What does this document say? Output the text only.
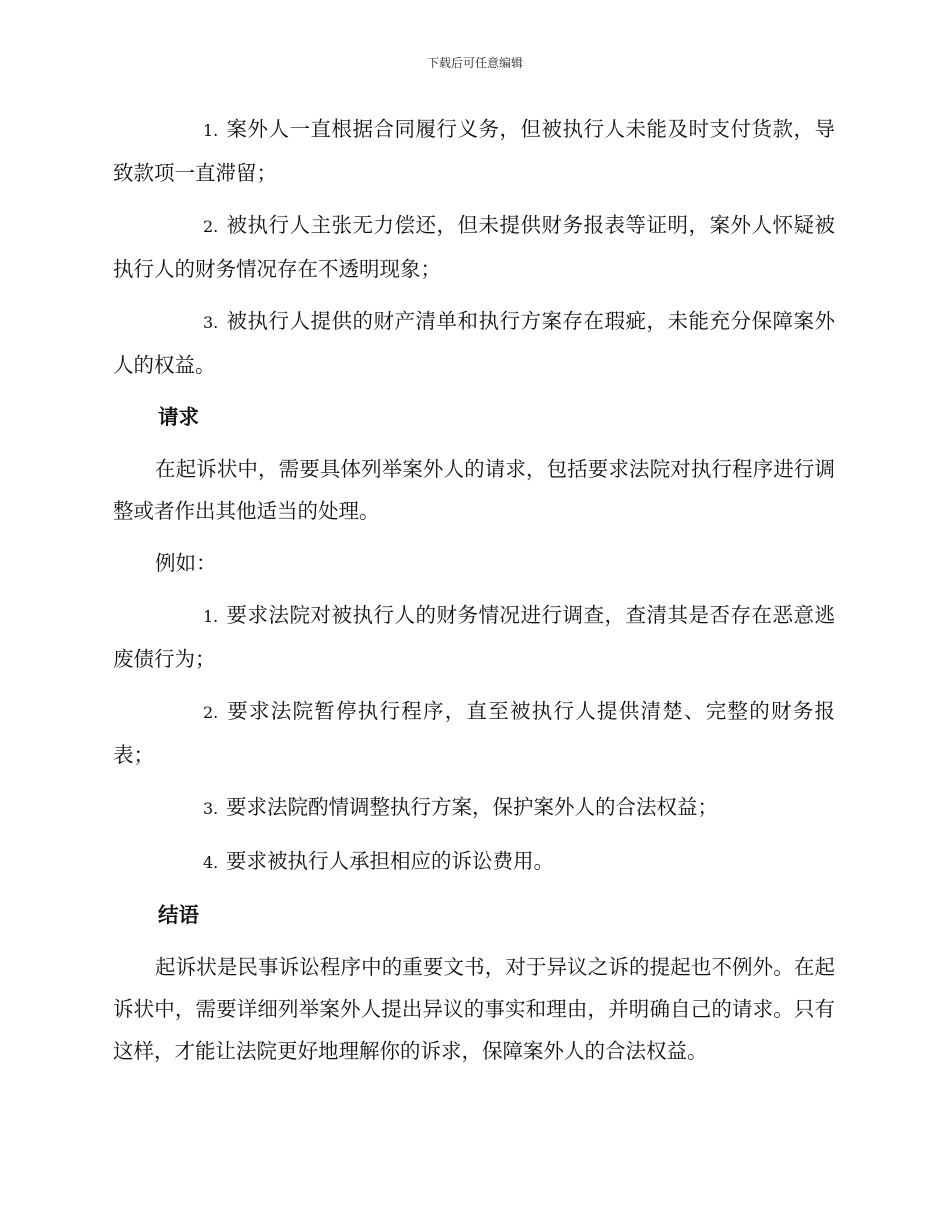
下载后可任意编辑

1. 案外人一直根据合同履行义务，但被执行人未能及时支付货款，导致款项一直滞留；

2. 被执行人主张无力偿还，但未提供财务报表等证明，案外人怀疑被执行人的财务情况存在不透明现象；

3. 被执行人提供的财产清单和执行方案存在瑕疵，未能充分保障案外人的权益。

请求

在起诉状中，需要具体列举案外人的请求，包括要求法院对执行程序进行调整或者作出其他适当的处理。

例如：

1. 要求法院对被执行人的财务情况进行调查，查清其是否存在恶意逃废债行为；

2. 要求法院暂停执行程序，直至被执行人提供清楚、完整的财务报表；

3. 要求法院酌情调整执行方案，保护案外人的合法权益；

4. 要求被执行人承担相应的诉讼费用。

结语

起诉状是民事诉讼程序中的重要文书，对于异议之诉的提起也不例外。在起诉状中，需要详细列举案外人提出异议的事实和理由，并明确自己的请求。只有这样，才能让法院更好地理解你的诉求，保障案外人的合法权益。
